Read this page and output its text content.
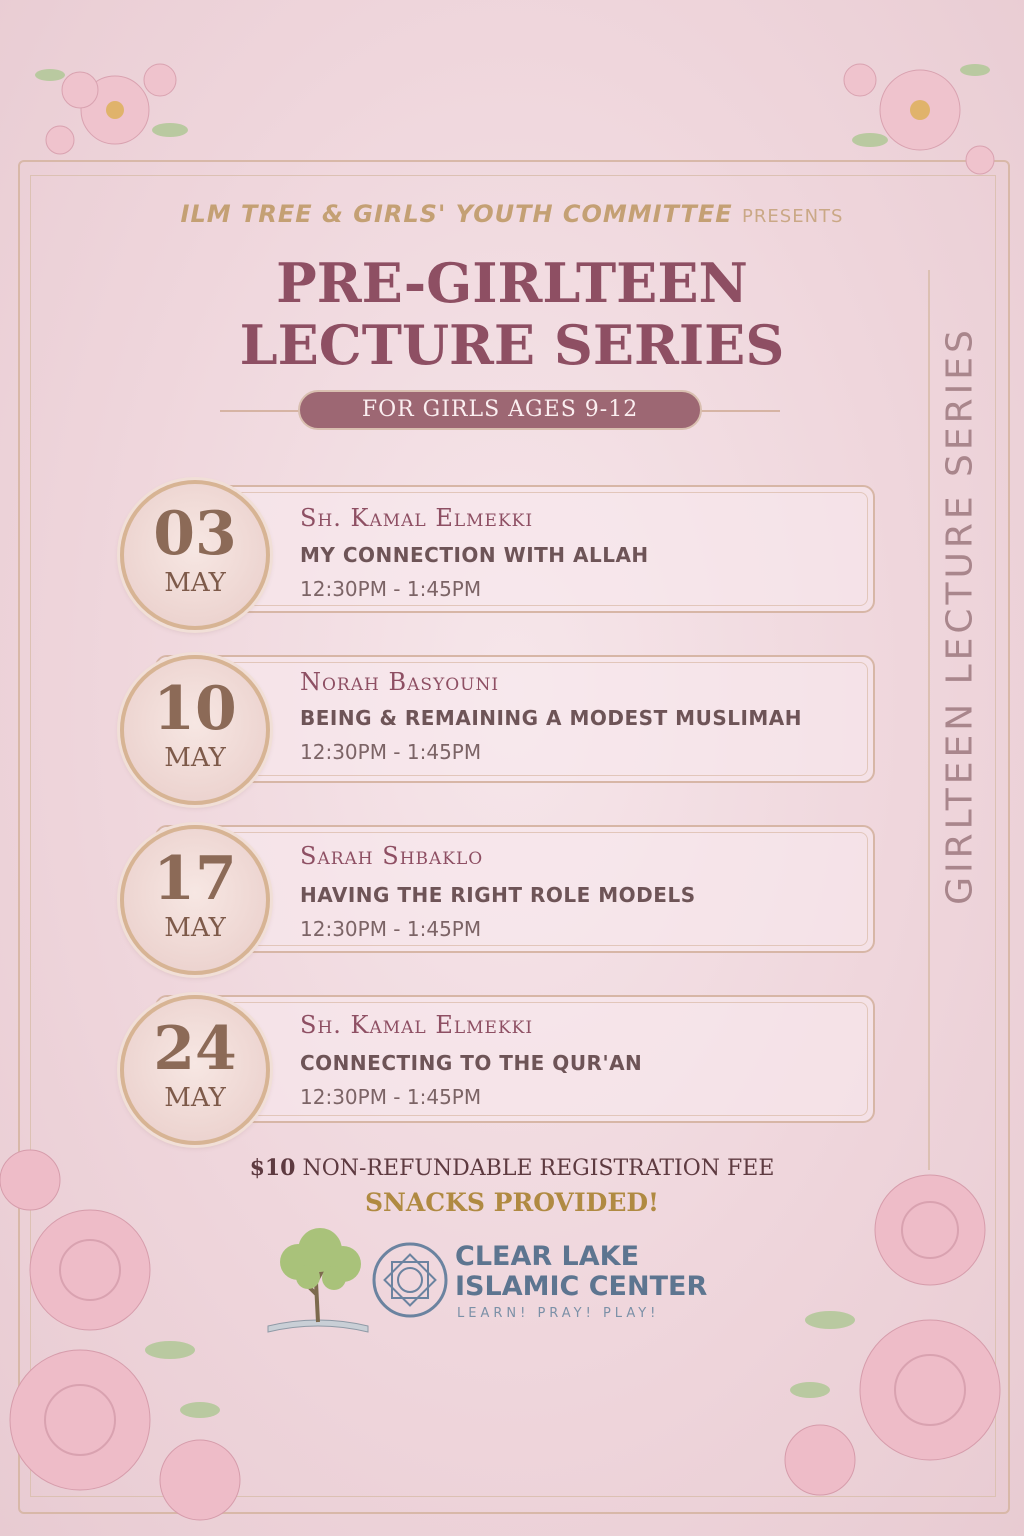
ILM TREE & GIRLS' YOUTH COMMITTEE PRESENTS
PRE-GIRLTEEN
LECTURE SERIES
FOR GIRLS AGES 9-12	GIRLTEEN LECTURE SERIES
03
MAY
10
MAY
17
MAY
24
MAY
Sh. Kamal Elmekki
MY CONNECTION WITH ALLAH
12:30PM - 1:45PM
Norah Basyouni
BEING & REMAINING A MODEST MUSLIMAH
12:30PM - 1:45PM
Sarah Shbaklo
HAVING THE RIGHT ROLE MODELS
12:30PM - 1:45PM
Sh. Kamal Elmekki
CONNECTING TO THE QUR'AN
12:30PM - 1:45PM
$10 NON-REFUNDABLE REGISTRATION FEE
SNACKS PROVIDED!
CLEAR LAKE
ISLAMIC CENTER
LEARN! PRAY! PLAY!
